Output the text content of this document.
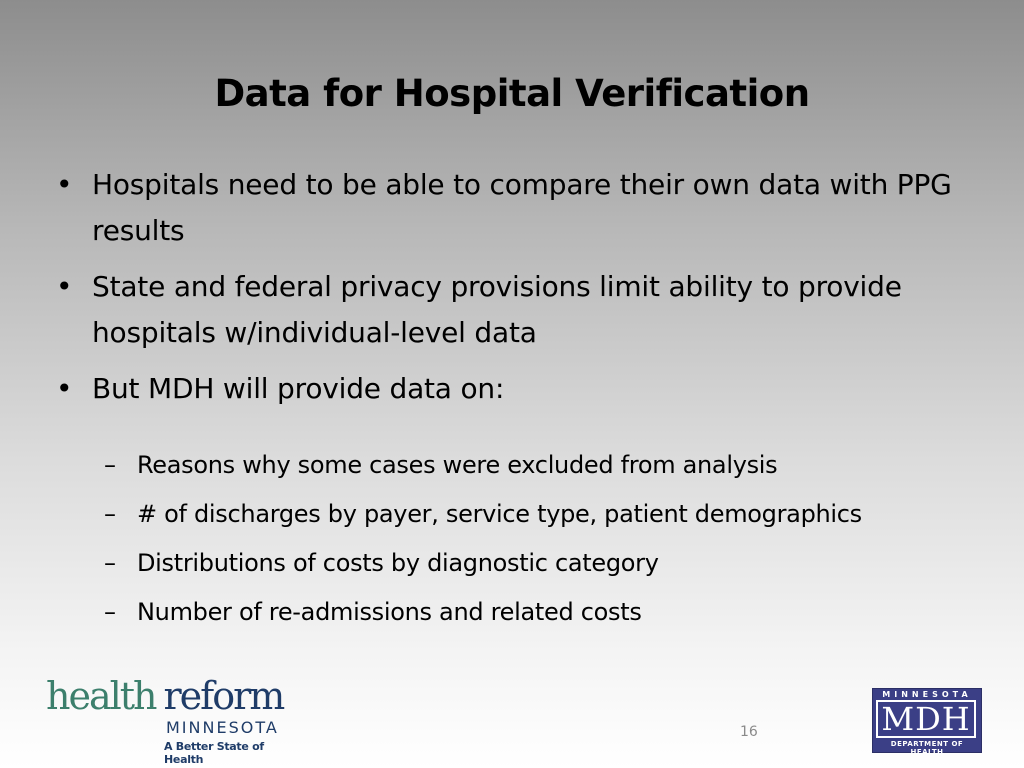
Data for Hospital Verification
• Hospitals need to be able to compare their own data with PPG results
• State and federal privacy provisions limit ability to provide hospitals w/individual-level data
• But MDH will provide data on:
– Reasons why some cases were excluded from analysis
– # of discharges by payer, service type, patient demographics
– Distributions of costs by diagnostic category
– Number of re-admissions and related costs
health reform
MINNESOTA
A Better State of Health
16
MINNESOTA
MDH
DEPARTMENT OF HEALTH
